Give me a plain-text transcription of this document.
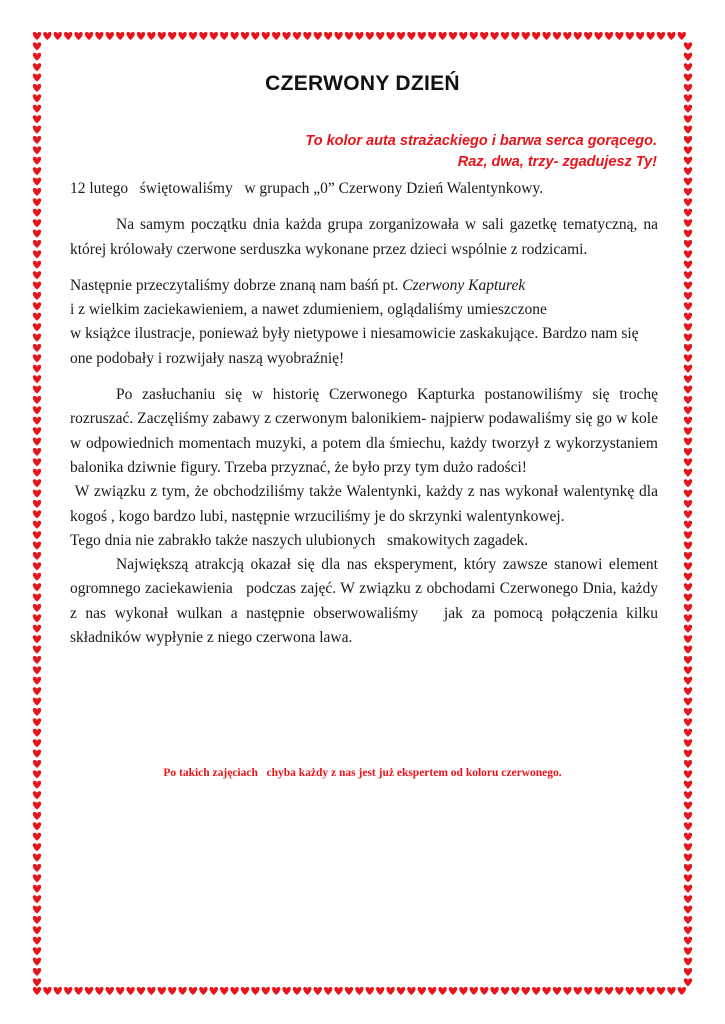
CZERWONY DZIEŃ
To kolor auta strażackiego i barwa serca gorącego.
Raz, dwa, trzy- zgadujesz Ty!

12 lutego   świętowaliśmy   w grupach „0” Czerwony Dzień Walentynkowy.

Na samym początku dnia każda grupa zorganizowała w sali gazetkę tematyczną, na której królowały czerwone serduszka wykonane przez dzieci wspólnie z rodzicami.

Następnie przeczytaliśmy dobrze znaną nam baśń pt. Czerwony Kapturek
i z wielkim zaciekawieniem, a nawet zdumieniem, oglądaliśmy umieszczone
w książce ilustracje, ponieważ były nietypowe i niesamowicie zaskakujące. Bardzo nam się one podobały i rozwijały naszą wyobraźnię!

Po zasłuchaniu się w historię Czerwonego Kapturka postanowiliśmy się trochę rozruszać. Zaczęliśmy zabawy z czerwonym balonikiem- najpierw podawaliśmy się go w kole w odpowiednich momentach muzyki, a potem dla śmiechu, każdy tworzył z wykorzystaniem balonika dziwnie figury. Trzeba przyznać, że było przy tym dużo radości!

W związku z tym, że obchodziliśmy także Walentynki, każdy z nas wykonał walentynkę dla kogoś , kogo bardzo lubi, następnie wrzuciliśmy je do skrzynki walentynkowej.

Tego dnia nie zabrakło także naszych ulubionych   smakowitych zagadek.

Największą atrakcją okazał się dla nas eksperyment, który zawsze stanowi element ogromnego zaciekawienia   podczas zajęć. W związku z obchodami Czerwonego Dnia, każdy z nas wykonał wulkan a następnie obserwowaliśmy   jak za pomocą połączenia kilku składników wypłynie z niego czerwona lawa.

Po takich zajęciach   chyba każdy z nas jest już ekspertem od koloru czerwonego.
